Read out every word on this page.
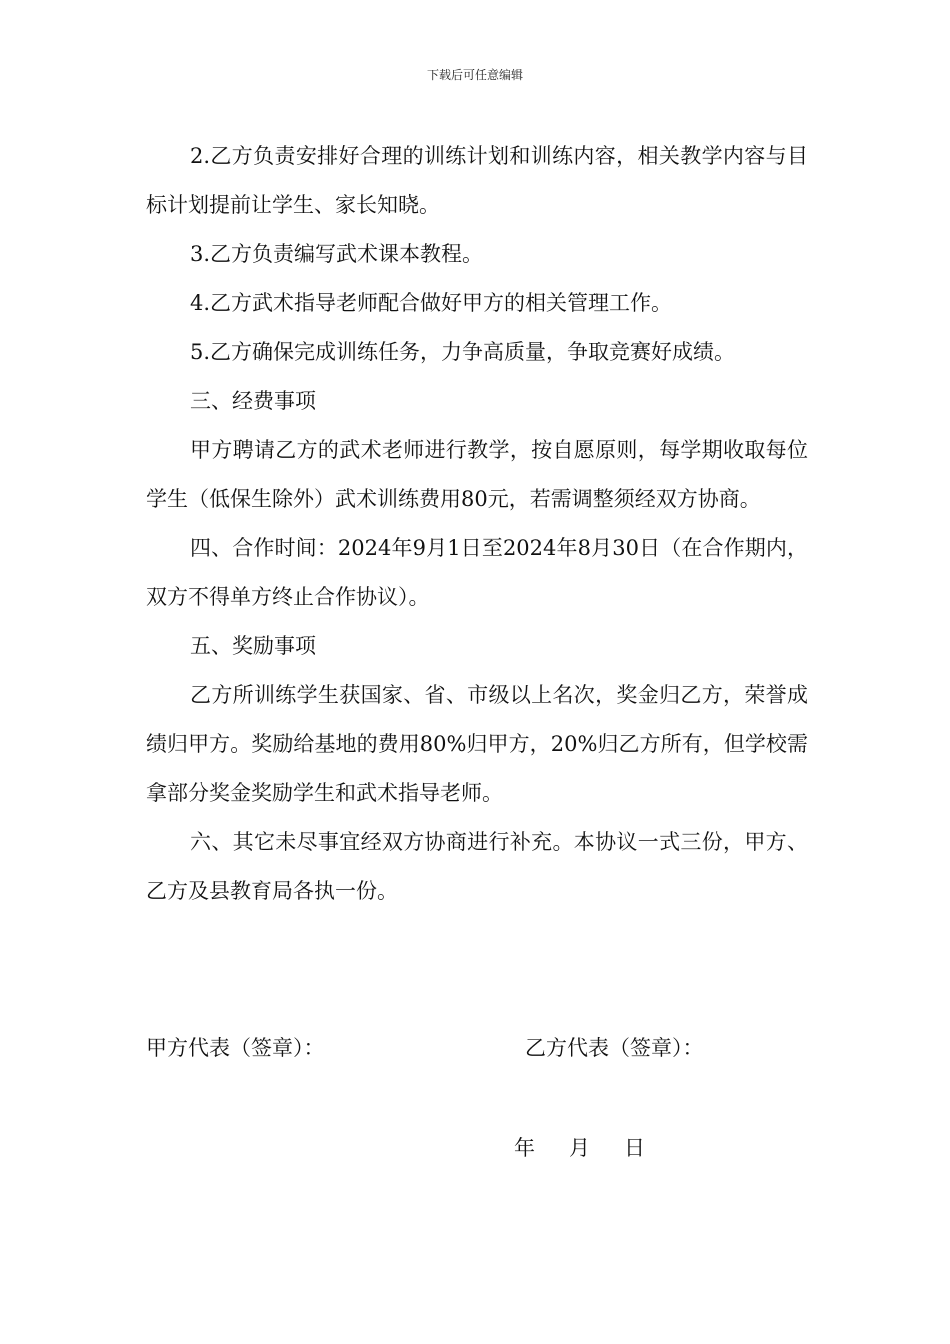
下载后可任意编辑

2.乙方负责安排好合理的训练计划和训练内容，相关教学内容与目标计划提前让学生、家长知晓。

3.乙方负责编写武术课本教程。

4.乙方武术指导老师配合做好甲方的相关管理工作。

5.乙方确保完成训练任务，力争高质量，争取竞赛好成绩。

三、经费事项

甲方聘请乙方的武术老师进行教学，按自愿原则，每学期收取每位学生（低保生除外）武术训练费用80元，若需调整须经双方协商。

四、合作时间：2024年9月1日至2024年8月30日（在合作期内，双方不得单方终止合作协议）。

五、奖励事项

乙方所训练学生获国家、省、市级以上名次，奖金归乙方，荣誉成绩归甲方。奖励给基地的费用80%归甲方，20%归乙方所有，但学校需拿部分奖金奖励学生和武术指导老师。

六、其它未尽事宜经双方协商进行补充。本协议一式三份，甲方、乙方及县教育局各执一份。

甲方代表（签章）：	乙方代表（签章）：
年 月 日
